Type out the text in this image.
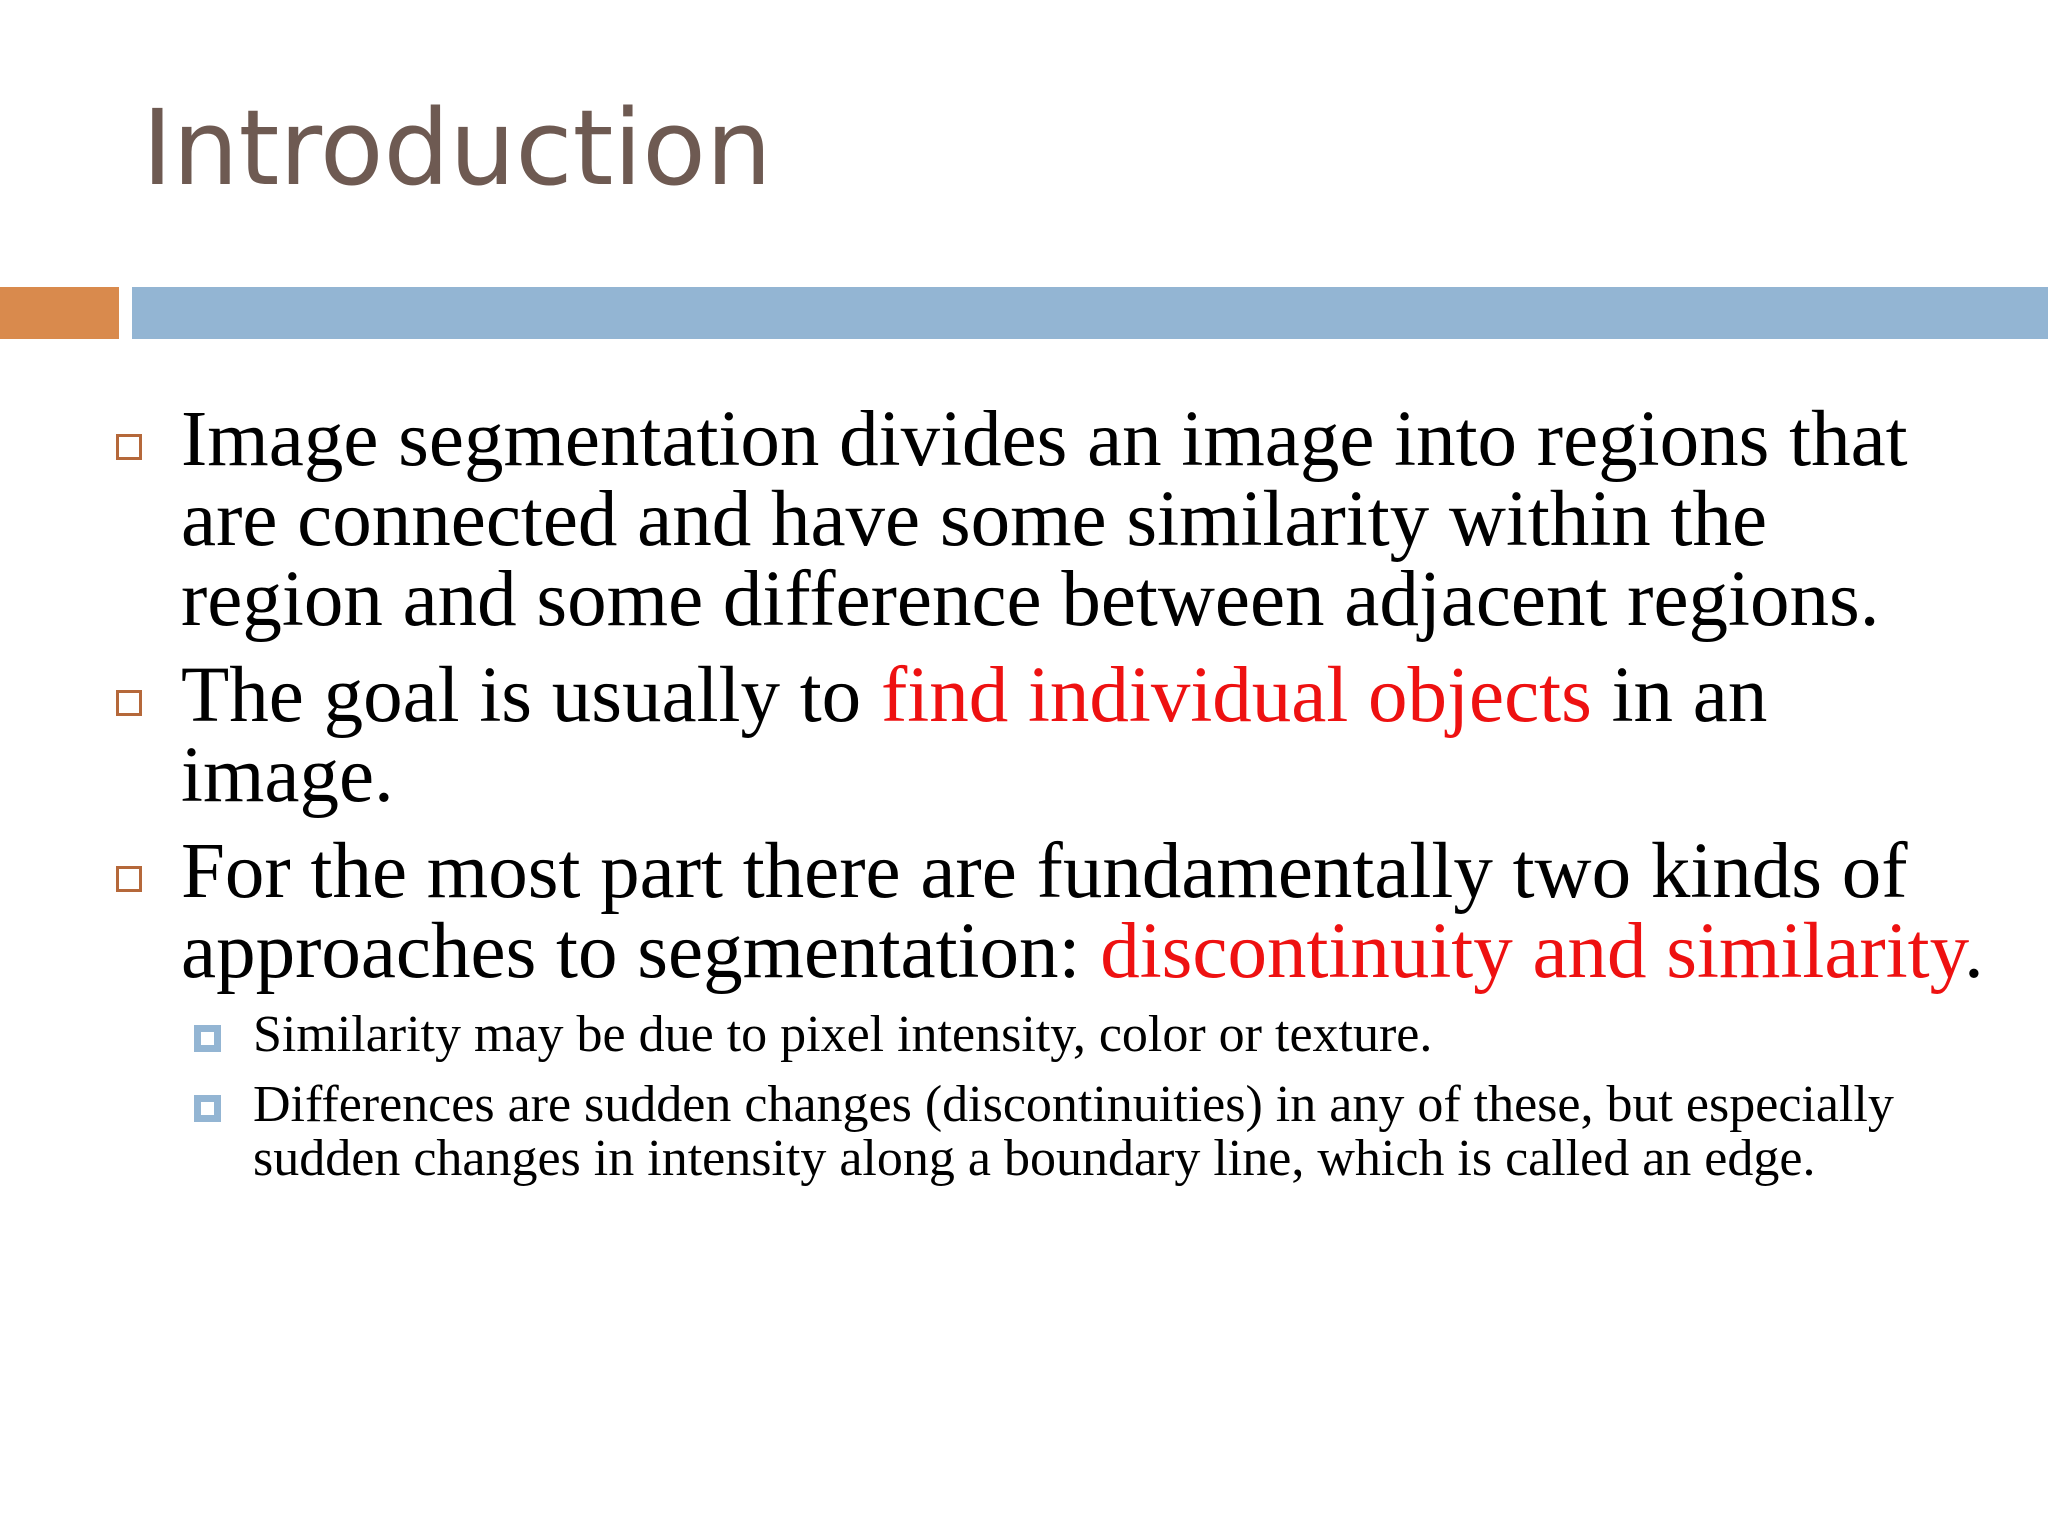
Introduction
Image segmentation divides an image into regions that are connected and have some similarity within the region and some difference between adjacent regions.
The goal is usually to find individual objects in an image.
For the most part there are fundamentally two kinds of approaches to segmentation: discontinuity and similarity.
Similarity may be due to pixel intensity, color or texture.
Differences are sudden changes (discontinuities) in any of these, but especially sudden changes in intensity along a boundary line, which is called an edge.
